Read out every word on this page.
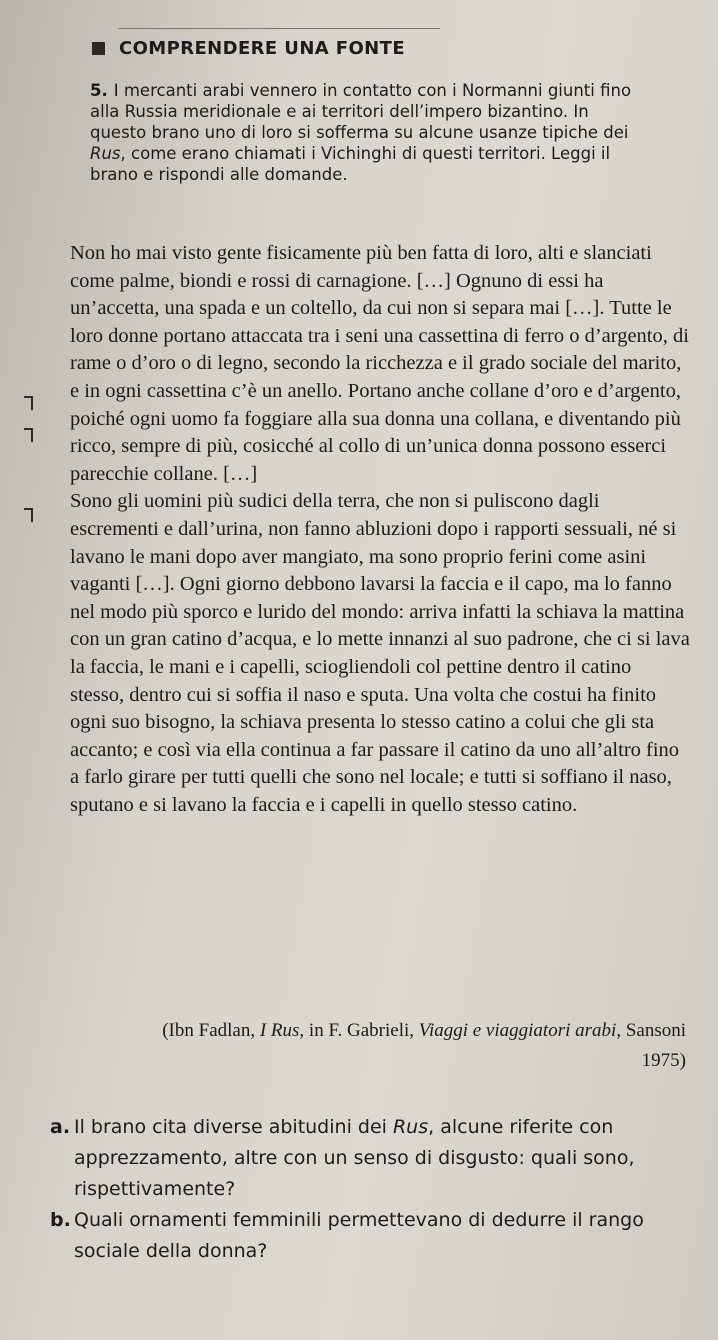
COMPRENDERE UNA FONTE
5. I mercanti arabi vennero in contatto con i Normanni giunti fino alla Russia meridionale e ai territori dell’impero bizantino. In questo brano uno di loro si sofferma su alcune usanze tipiche dei Rus, come erano chiamati i Vichinghi di questi territori. Leggi il brano e rispondi alle domande.

Non ho mai visto gente fisicamente più ben fatta di loro, alti e slanciati come palme, biondi e rossi di carnagione. […] Ognuno di essi ha un’accetta, una spada e un coltello, da cui non si separa mai […]. Tutte le loro donne portano attaccata tra i seni una cassettina di ferro o d’argento, di rame o d’oro o di legno, secondo la ricchezza e il grado sociale del marito, e in ogni cassettina c’è un anello. Portano anche collane d’oro e d’argento, poiché ogni uomo fa foggiare alla sua donna una collana, e diventando più ricco, sempre di più, cosicché al collo di un’unica donna possono esserci parecchie collane. […]

Sono gli uomini più sudici della terra, che non si puliscono dagli escrementi e dall’urina, non fanno abluzioni dopo i rapporti sessuali, né si lavano le mani dopo aver mangiato, ma sono proprio ferini come asini vaganti […]. Ogni giorno debbono lavarsi la faccia e il capo, ma lo fanno nel modo più sporco e lurido del mondo: arriva infatti la schiava la mattina con un gran catino d’acqua, e lo mette innanzi al suo padrone, che ci si lava la faccia, le mani e i capelli, sciogliendoli col pettine dentro il catino stesso, dentro cui si soffia il naso e sputa. Una volta che costui ha finito ogni suo bisogno, la schiava presenta lo stesso catino a colui che gli sta accanto; e così via ella continua a far passare il catino da uno all’altro fino a farlo girare per tutti quelli che sono nel locale; e tutti si soffiano il naso, sputano e si lavano la faccia e i capelli in quello stesso catino.

(Ibn Fadlan, I Rus, in F. Gabrieli, Viaggi e viaggiatori arabi, Sansoni 1975)
a. Il brano cita diverse abitudini dei Rus, alcune riferite con apprezzamento, altre con un senso di disgusto: quali sono, rispettivamente?
b. Quali ornamenti femminili permettevano di dedurre il rango sociale della donna?
